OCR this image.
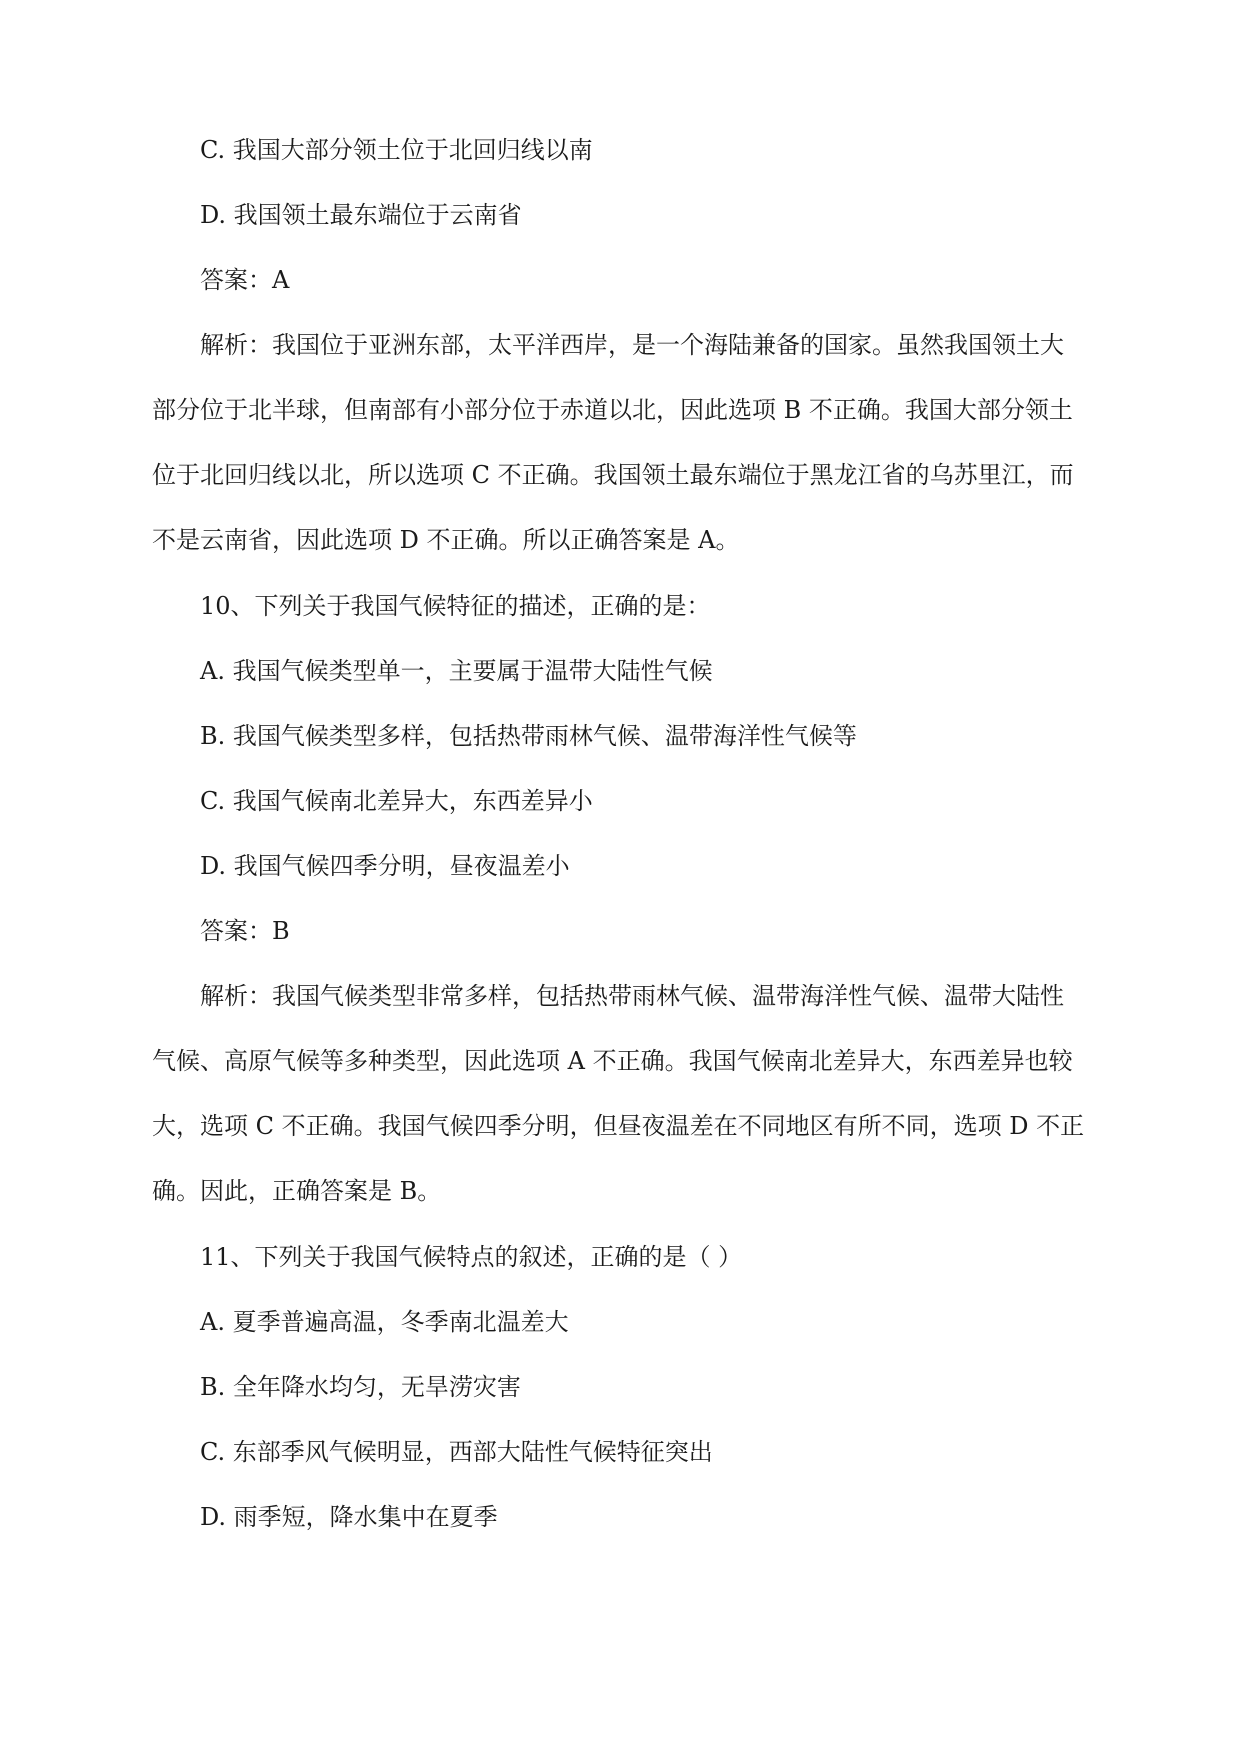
C. 我国大部分领土位于北回归线以南
D. 我国领土最东端位于云南省
答案：A
解析：我国位于亚洲东部，太平洋西岸，是一个海陆兼备的国家。虽然我国领土大
部分位于北半球，但南部有小部分位于赤道以北，因此选项 B 不正确。我国大部分领土
位于北回归线以北，所以选项 C 不正确。我国领土最东端位于黑龙江省的乌苏里江，而
不是云南省，因此选项 D 不正确。所以正确答案是 A。
10、下列关于我国气候特征的描述，正确的是：
A. 我国气候类型单一，主要属于温带大陆性气候
B. 我国气候类型多样，包括热带雨林气候、温带海洋性气候等
C. 我国气候南北差异大，东西差异小
D. 我国气候四季分明，昼夜温差小
答案：B
解析：我国气候类型非常多样，包括热带雨林气候、温带海洋性气候、温带大陆性
气候、高原气候等多种类型，因此选项 A 不正确。我国气候南北差异大，东西差异也较
大，选项 C 不正确。我国气候四季分明，但昼夜温差在不同地区有所不同，选项 D 不正
确。因此，正确答案是 B。
11、下列关于我国气候特点的叙述，正确的是（ ）
A. 夏季普遍高温，冬季南北温差大
B. 全年降水均匀，无旱涝灾害
C. 东部季风气候明显，西部大陆性气候特征突出
D. 雨季短，降水集中在夏季
